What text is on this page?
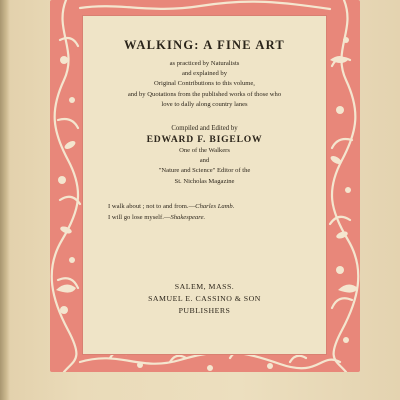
WALKING: A FINE ART
as practiced by Naturalists
and explained by
Original Contributions to this volume,
and by Quotations from the published works of those who
love to dally along country lanes
Compiled and Edited by
EDWARD F. BIGELOW
One of the Walkers
and
"Nature and Science" Editor of the
St. Nicholas Magazine
I walk about ; not to and from.—Charles Lamb.
I will go lose myself.—Shakespeare.
SALEM, MASS.
SAMUEL E. CASSINO & SON
PUBLISHERS
